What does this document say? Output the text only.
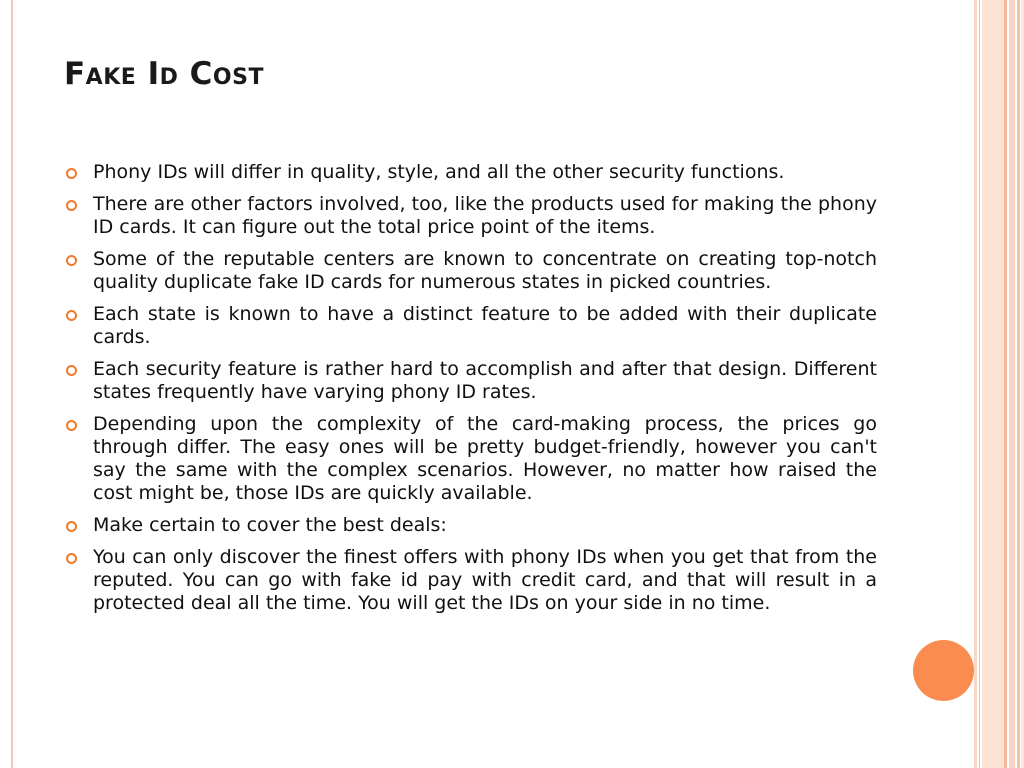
Fake Id Cost
Phony IDs will differ in quality, style, and all the other security functions.
There are other factors involved, too, like the products used for making the phony ID cards. It can figure out the total price point of the items.
Some of the reputable centers are known to concentrate on creating top-notch quality duplicate fake ID cards for numerous states in picked countries.
Each state is known to have a distinct feature to be added with their duplicate cards.
Each security feature is rather hard to accomplish and after that design. Different states frequently have varying phony ID rates.
Depending upon the complexity of the card-making process, the prices go through differ. The easy ones will be pretty budget-friendly, however you can't say the same with the complex scenarios. However, no matter how raised the cost might be, those IDs are quickly available.
Make certain to cover the best deals:
You can only discover the finest offers with phony IDs when you get that from the reputed. You can go with fake id pay with credit card, and that will result in a protected deal all the time. You will get the IDs on your side in no time.
